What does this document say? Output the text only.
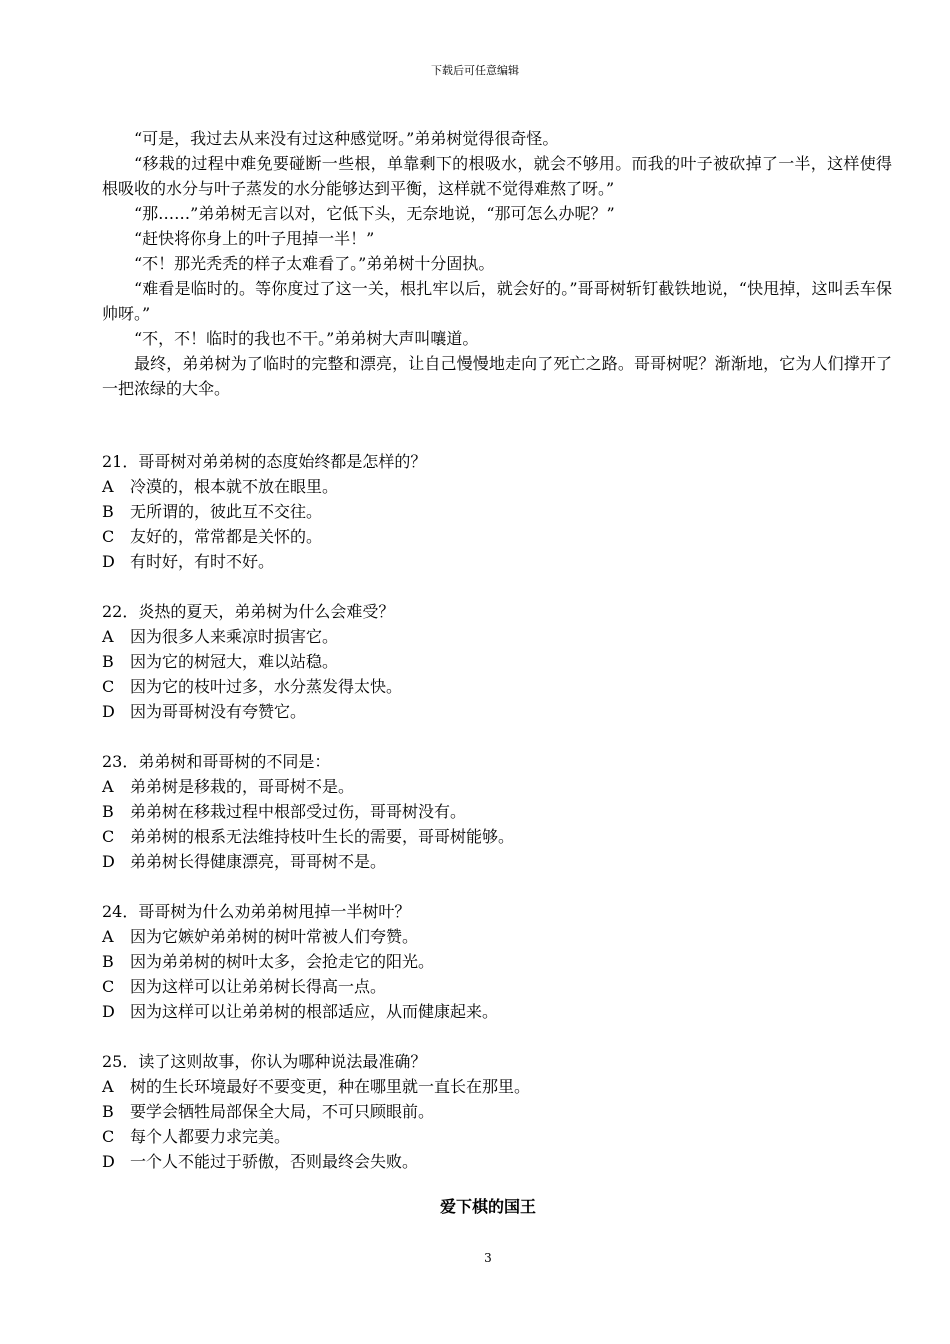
下载后可任意编辑

“可是，我过去从来没有过这种感觉呀。”弟弟树觉得很奇怪。

“移栽的过程中难免要碰断一些根，单靠剩下的根吸水，就会不够用。而我的叶子被砍掉了一半，这样使得根吸收的水分与叶子蒸发的水分能够达到平衡，这样就不觉得难熬了呀。”

“那……”弟弟树无言以对，它低下头，无奈地说，“那可怎么办呢？”

“赶快将你身上的叶子甩掉一半！”

“不！那光秃秃的样子太难看了。”弟弟树十分固执。

“难看是临时的。等你度过了这一关，根扎牢以后，就会好的。”哥哥树斩钉截铁地说，“快甩掉，这叫丢车保帅呀。”

“不，不！临时的我也不干。”弟弟树大声叫嚷道。

最终，弟弟树为了临时的完整和漂亮，让自己慢慢地走向了死亡之路。哥哥树呢？渐渐地，它为人们撑开了一把浓绿的大伞。

21．哥哥树对弟弟树的态度始终都是怎样的？

A 冷漠的，根本就不放在眼里。

B 无所谓的，彼此互不交往。

C 友好的，常常都是关怀的。

D 有时好，有时不好。

22．炎热的夏天，弟弟树为什么会难受？

A 因为很多人来乘凉时损害它。

B 因为它的树冠大，难以站稳。

C 因为它的枝叶过多，水分蒸发得太快。

D 因为哥哥树没有夸赞它。

23．弟弟树和哥哥树的不同是：

A 弟弟树是移栽的，哥哥树不是。

B 弟弟树在移栽过程中根部受过伤，哥哥树没有。

C 弟弟树的根系无法维持枝叶生长的需要，哥哥树能够。

D 弟弟树长得健康漂亮，哥哥树不是。

24．哥哥树为什么劝弟弟树甩掉一半树叶？

A 因为它嫉妒弟弟树的树叶常被人们夸赞。

B 因为弟弟树的树叶太多，会抢走它的阳光。

C 因为这样可以让弟弟树长得高一点。

D 因为这样可以让弟弟树的根部适应，从而健康起来。

25．读了这则故事，你认为哪种说法最准确？

A 树的生长环境最好不要变更，种在哪里就一直长在那里。

B 要学会牺牲局部保全大局，不可只顾眼前。

C 每个人都要力求完美。

D 一个人不能过于骄傲，否则最终会失败。

爱下棋的国王
3
